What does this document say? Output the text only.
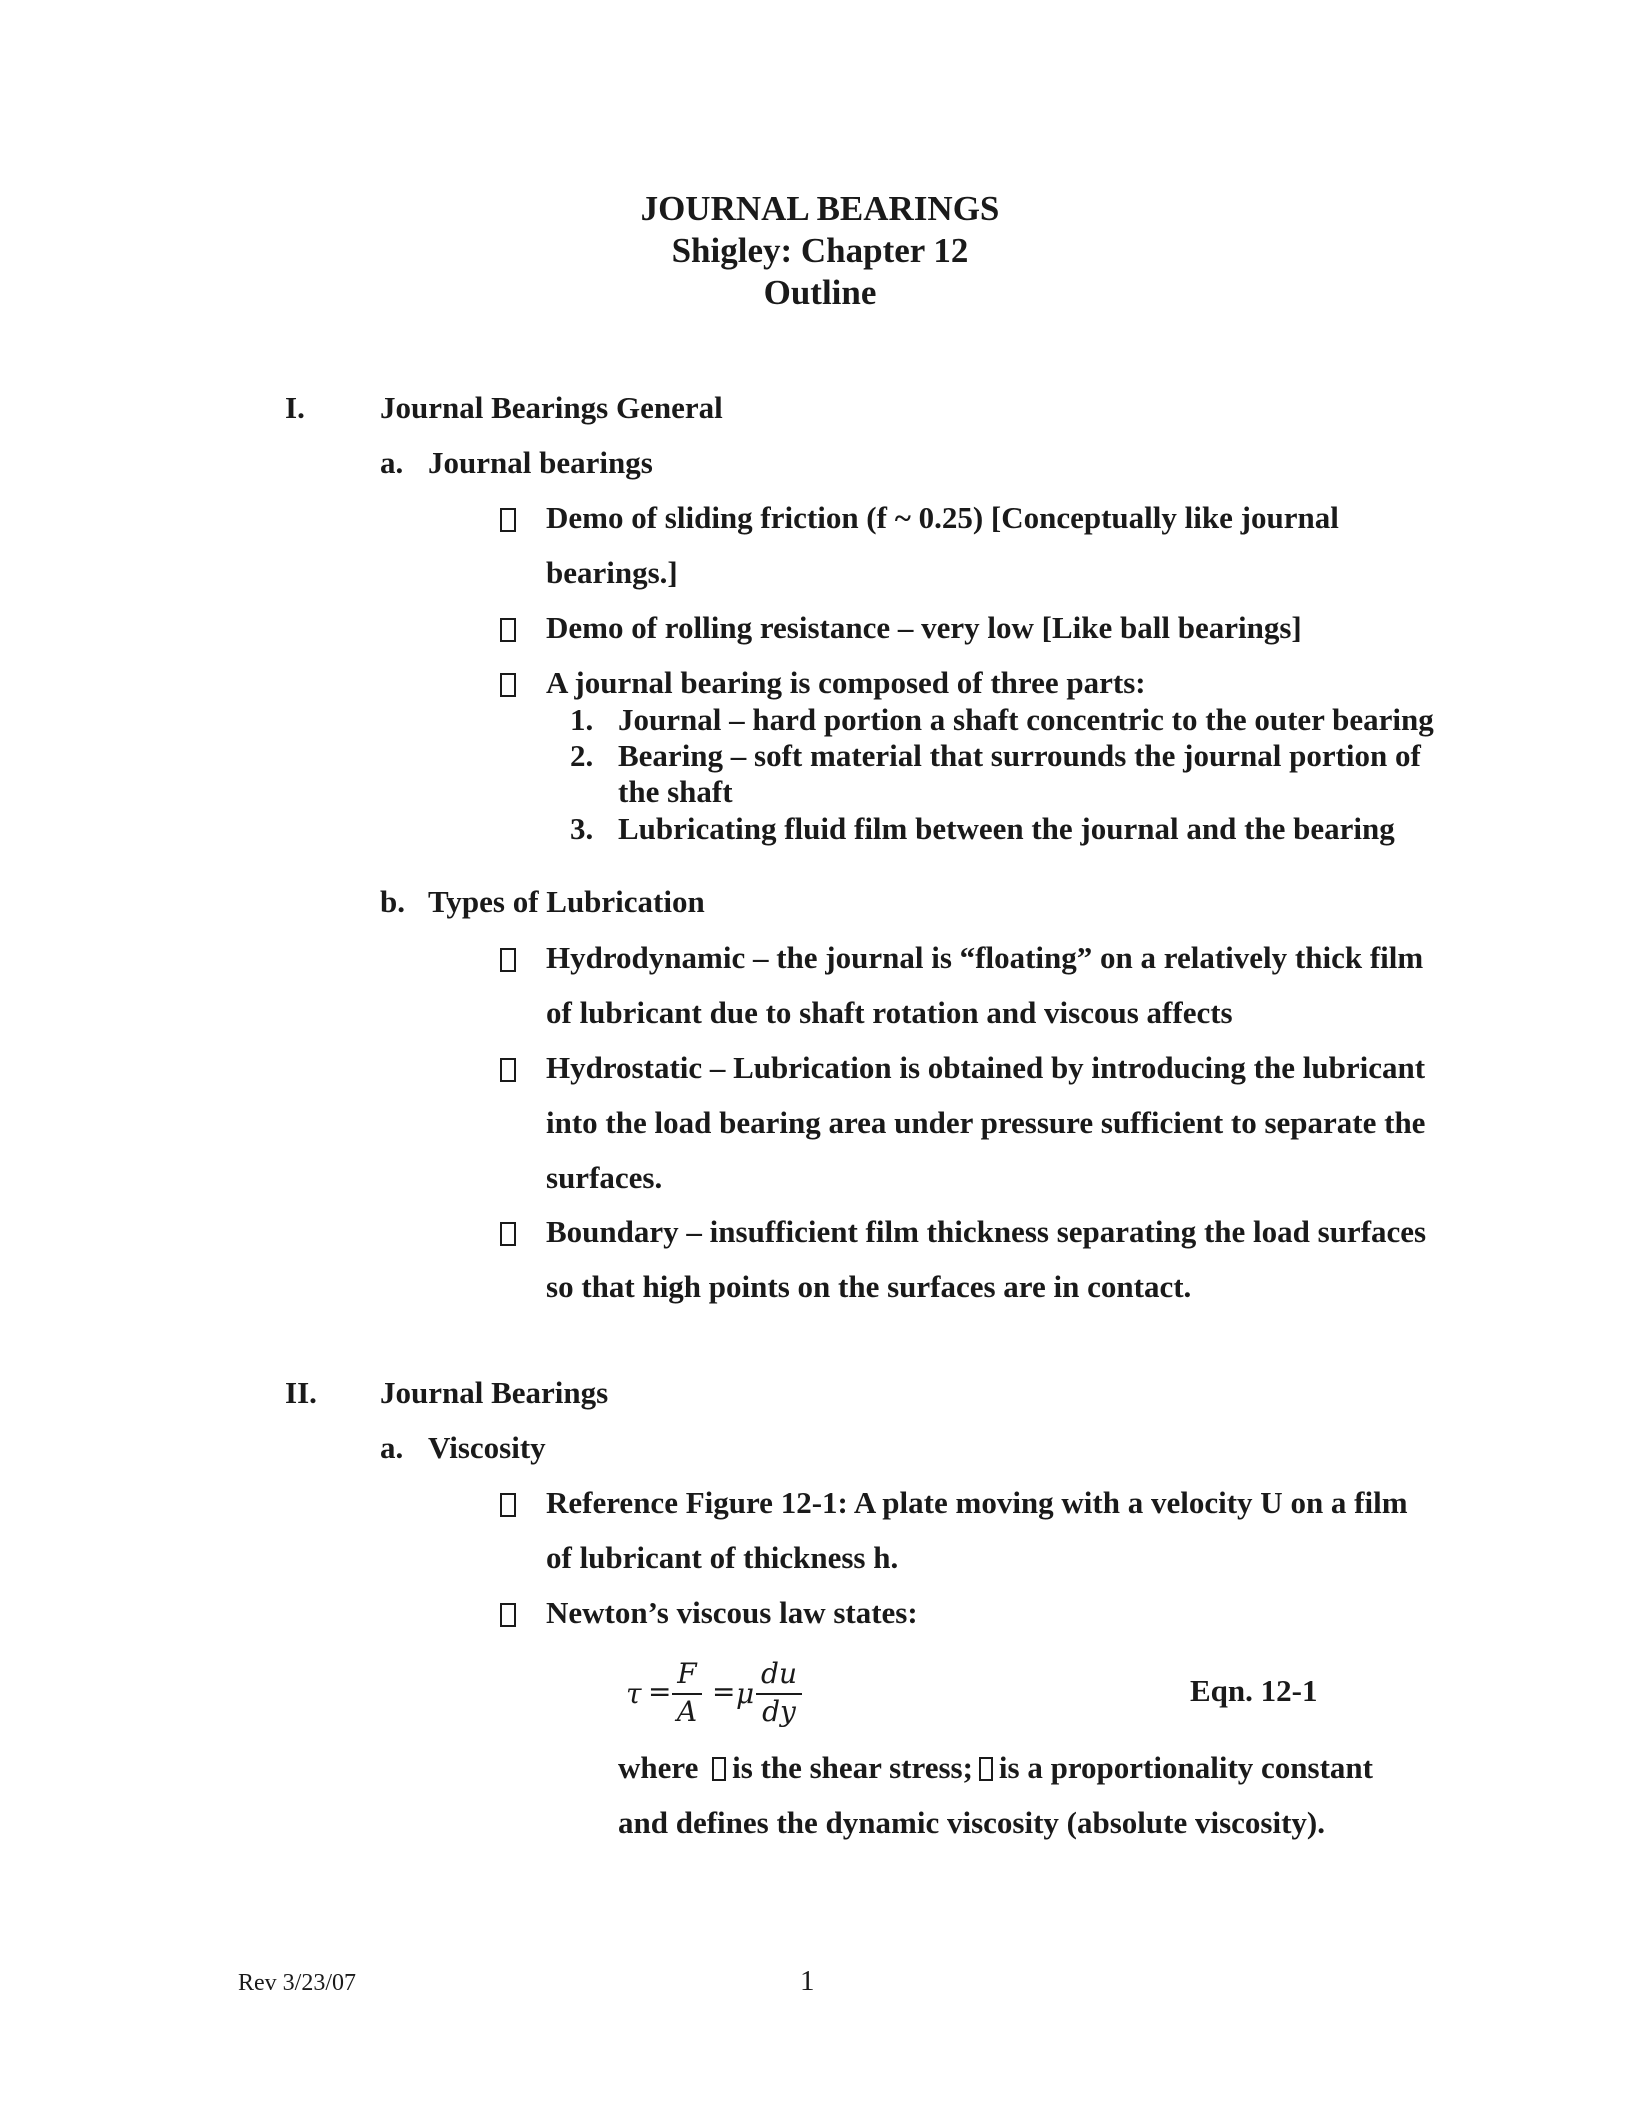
JOURNAL BEARINGS
Shigley: Chapter 12
Outline
I. Journal Bearings General
a. Journal bearings
Demo of sliding friction (f ~ 0.25) [Conceptually like journal
bearings.]
Demo of rolling resistance – very low [Like ball bearings]
A journal bearing is composed of three parts:
1. Journal – hard portion a shaft concentric to the outer bearing
2. Bearing – soft material that surrounds the journal portion of
the shaft
3. Lubricating fluid film between the journal and the bearing
b. Types of Lubrication
Hydrodynamic – the journal is “floating” on a relatively thick film
of lubricant due to shaft rotation and viscous affects
Hydrostatic – Lubrication is obtained by introducing the lubricant
into the load bearing area under pressure sufficient to separate the
surfaces.
Boundary – insufficient film thickness separating the load surfaces
so that high points on the surfaces are in contact.
II. Journal Bearings
a. Viscosity
Reference Figure 12-1: A plate moving with a velocity U on a film
of lubricant of thickness h.
Newton’s viscous law states:
τ =
F
A
= μ
du
dy
Eqn. 12-1
where is the shear stress; is a proportionality constant
and defines the dynamic viscosity (absolute viscosity).
Rev 3/23/07	1
